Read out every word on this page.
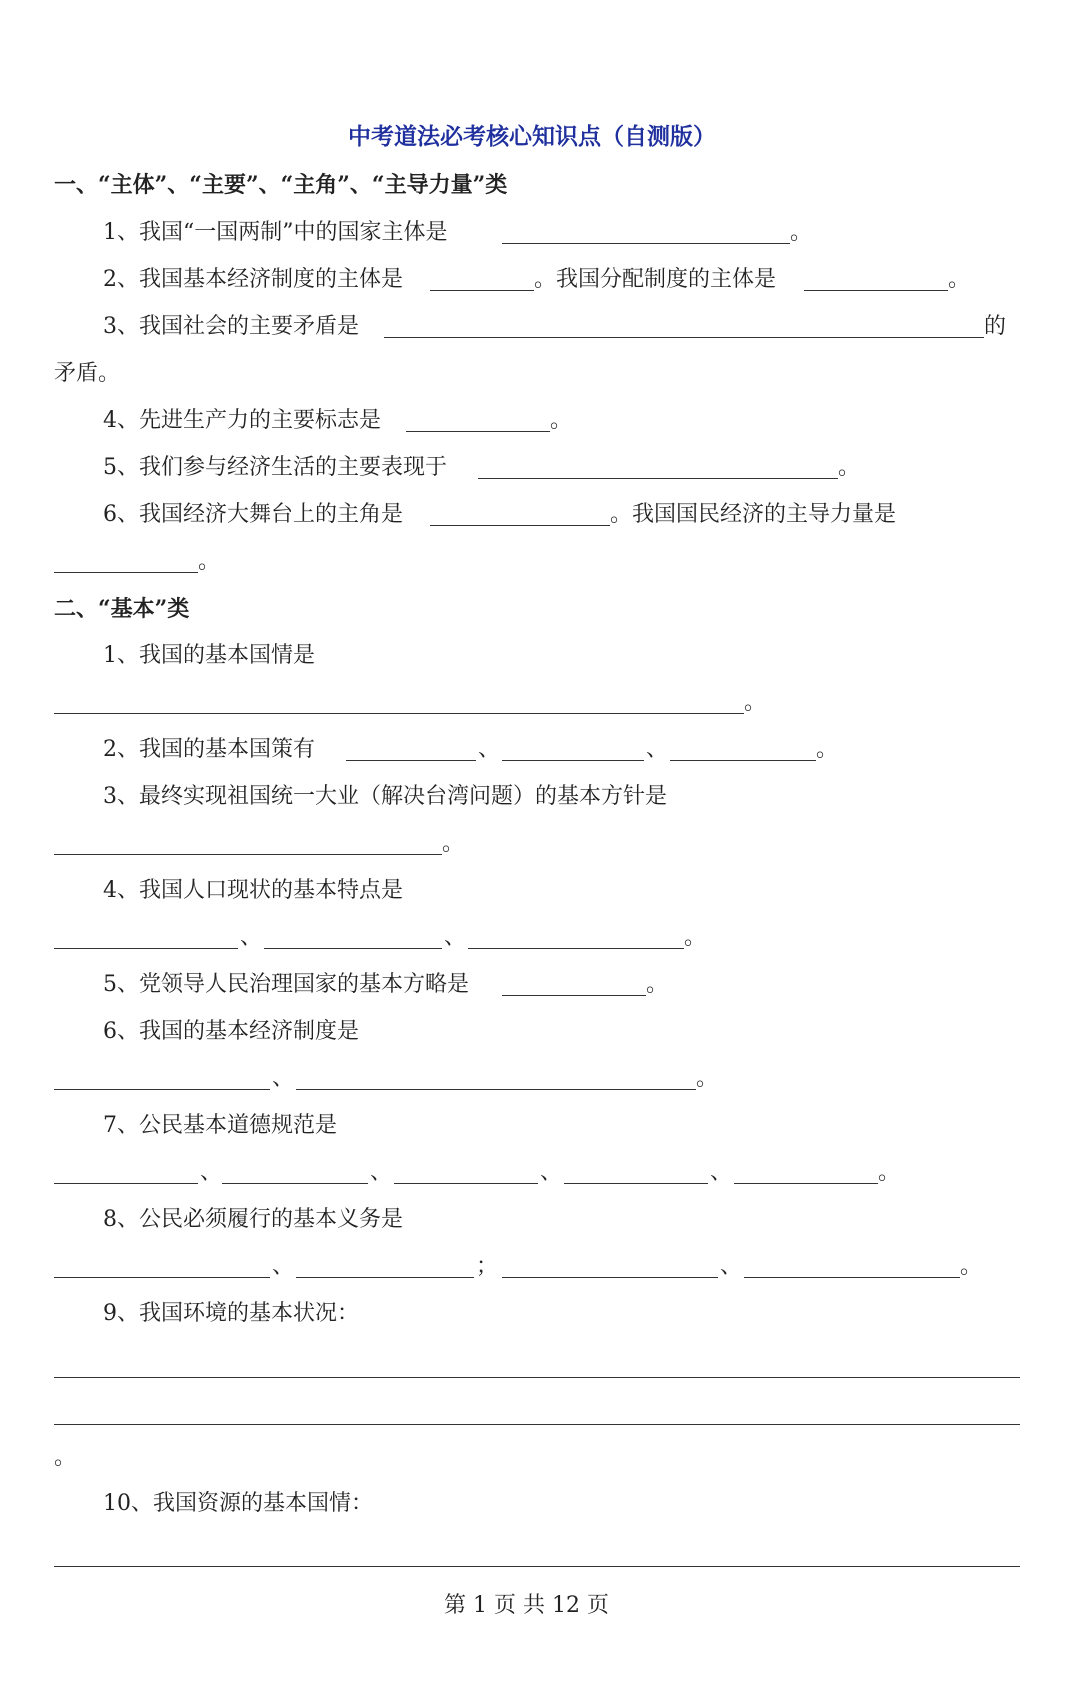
中考道法必考核心知识点（自测版）
一、“主体”、“主要”、“主角”、“主导力量”类
1、我国“一国两制”中的国家主体是	。
2、我国基本经济制度的主体是	。我国分配制度的主体是	。
3、我国社会的主要矛盾是	的
矛盾。
4、先进生产力的主要标志是	。
5、我们参与经济生活的主要表现于	。
6、我国经济大舞台上的主角是	。我国国民经济的主导力量是
。
二、“基本”类
1、我国的基本国情是
。
2、我国的基本国策有	、	、	。
3、最终实现祖国统一大业（解决台湾问题）的基本方针是
。
4、我国人口现状的基本特点是
、	、	。
5、党领导人民治理国家的基本方略是	。
6、我国的基本经济制度是
、	。
7、公民基本道德规范是
、	、	、	、	。
8、公民必须履行的基本义务是
、	；	、	。
9、我国环境的基本状况：
。
10、我国资源的基本国情：
第 1 页 共 12 页
